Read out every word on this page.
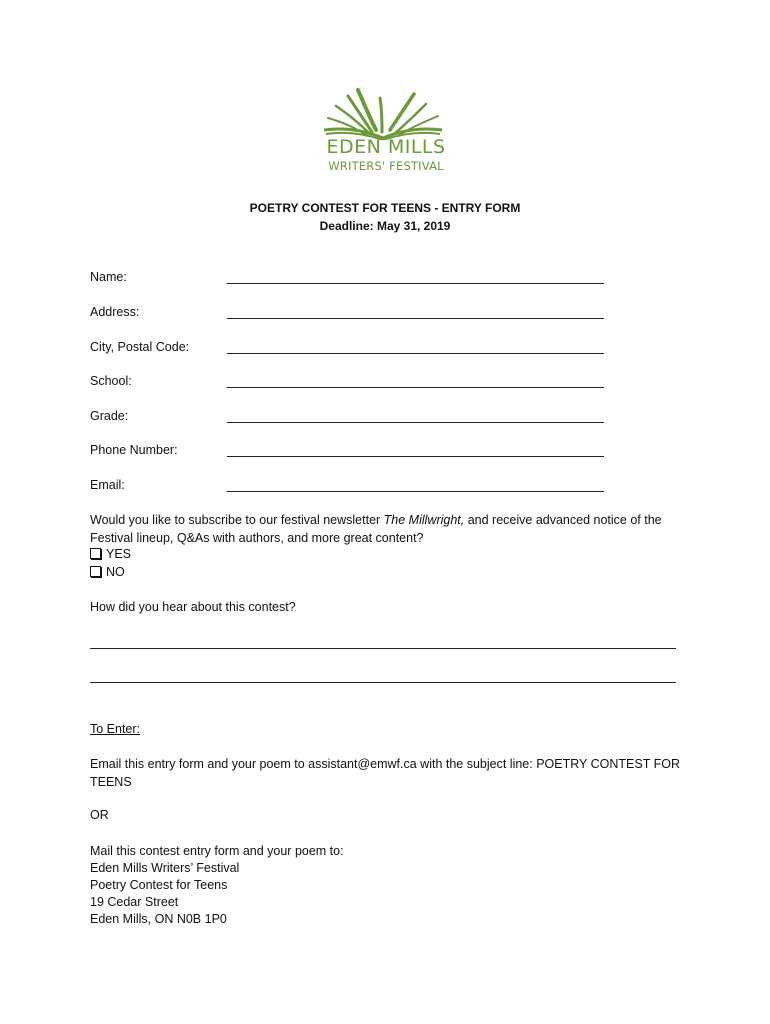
EDEN MILLS
WRITERS' FESTIVAL
POETRY CONTEST FOR TEENS - ENTRY FORM
Deadline: May 31, 2019
Name:
Address:
City, Postal Code:
School:
Grade:
Phone Number:
Email:
Would you like to subscribe to our festival newsletter The Millwright, and receive advanced notice of the Festival lineup, Q&As with authors, and more great content?
YES
NO
How did you hear about this contest?
To Enter:
Email this entry form and your poem to assistant@emwf.ca with the subject line: POETRY CONTEST FOR TEENS
OR
Mail this contest entry form and your poem to:
Eden Mills Writers’ Festival
Poetry Contest for Teens
19 Cedar Street
Eden Mills, ON N0B 1P0
